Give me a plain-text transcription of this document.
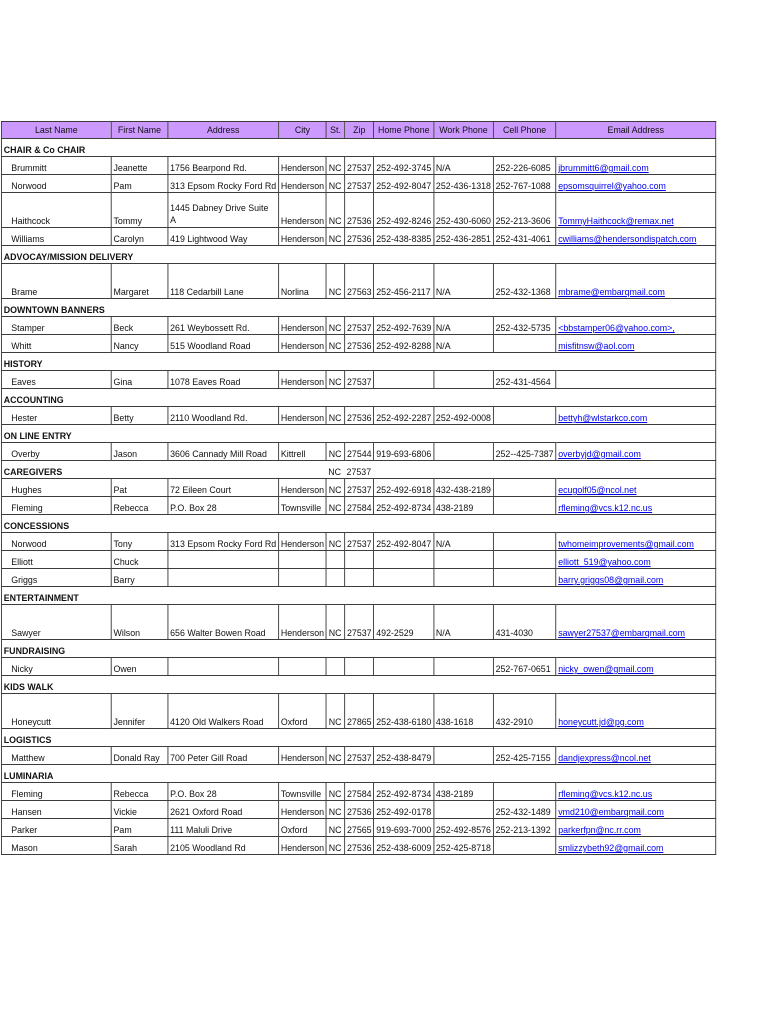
Last Name	First Name	Address	City	St.	Zip	Home Phone	Work Phone	Cell Phone	Email Address
CHAIR & Co CHAIR									
Brummitt	Jeanette	1756 Bearpond Rd.	Henderson	NC	27537	252-492-3745	N/A	252-226-6085	jbrummitt6@gmail.com
Norwood	Pam	313 Epsom Rocky Ford Rd	Henderson	NC	27537	252-492-8047	252-436-1318	252-767-1088	epsomsquirrel@yahoo.com
Haithcock	Tommy	1445 Dabney Drive Suite A	Henderson	NC	27536	252-492-8246	252-430-6060	252-213-3606	TommyHaithcock@remax.net
Williams	Carolyn	419 Lightwood Way	Henderson	NC	27536	252-438-8385	252-436-2851	252-431-4061	cwilliams@hendersondispatch.com
ADVOCAY/MISSION DELIVERY									
Brame	Margaret	118 Cedarbill Lane	Norlina	NC	27563	252-456-2117	N/A	252-432-1368	mbrame@embarqmail.com
DOWNTOWN BANNERS									
Stamper	Beck	261 Weybossett Rd.	Henderson	NC	27537	252-492-7639	N/A	252-432-5735	<bbstamper06@yahoo.com>,
Whitt	Nancy	515 Woodland Road	Henderson	NC	27536	252-492-8288	N/A		misfitnsw@aol.com
HISTORY									
Eaves	Gina	1078 Eaves Road	Henderson	NC	27537			252-431-4564	
ACCOUNTING									
Hester	Betty	2110 Woodland Rd.	Henderson	NC	27536	252-492-2287	252-492-0008		bettyh@wlstarkco.com
ON LINE ENTRY									
Overby	Jason	3606 Cannady Mill Road	Kittrell	NC	27544	919-693-6806		252--425-7387	overbyjd@gmail.com
CAREGIVERS				NC	27537				
Hughes	Pat	72 Eileen Court	Henderson	NC	27537	252-492-6918	432-438-2189		ecugolf05@ncol.net
Fleming	Rebecca	P.O. Box 28	Townsville	NC	27584	252-492-8734	438-2189		rfleming@vcs.k12.nc.us
CONCESSIONS									
Norwood	Tony	313 Epsom Rocky Ford Rd	Henderson	NC	27537	252-492-8047	N/A		twhomeimprovements@gmail.com
Elliott	Chuck								elliott_519@yahoo.com
Griggs	Barry								barry.griggs08@gmail.com
ENTERTAINMENT									
Sawyer	Wilson	656 Walter Bowen Road	Henderson	NC	27537	492-2529	N/A	431-4030	sawyer27537@embarqmail.com
FUNDRAISING									
Nicky	Owen							252-767-0651	nicky_owen@gmail.com
KIDS WALK									
Honeycutt	Jennifer	4120 Old Walkers Road	Oxford	NC	27865	252-438-6180	438-1618	432-2910	honeycutt.jd@pg.com
LOGISTICS									
Matthew	Donald Ray	700 Peter Gill Road	Henderson	NC	27537	252-438-8479		252-425-7155	dandjexpress@ncol.net
LUMINARIA									
Fleming	Rebecca	P.O. Box 28	Townsville	NC	27584	252-492-8734	438-2189		rfleming@vcs.k12.nc.us
Hansen	Vickie	2621 Oxford Road	Henderson	NC	27536	252-492-0178		252-432-1489	vmd210@embarqmail.com
Parker	Pam	111 Maluli Drive	Oxford	NC	27565	919-693-7000	252-492-8576	252-213-1392	parkerfpn@nc.rr.com
Mason	Sarah	2105 Woodland Rd	Henderson	NC	27536	252-438-6009	252-425-8718		smlizzybeth92@gmail.com
